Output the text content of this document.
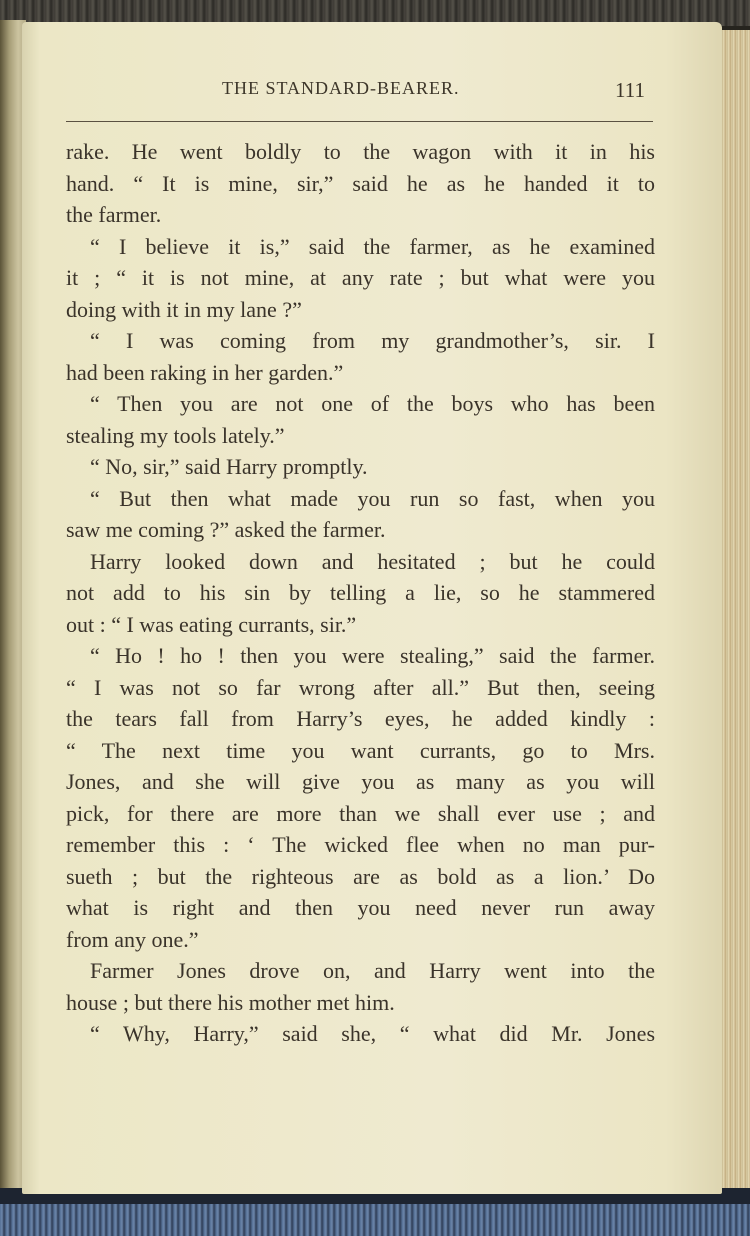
THE STANDARD-BEARER.	111
rake. He went boldly to the wagon with it in his
hand. “ It is mine, sir,” said he as he handed it to
the farmer.
“ I believe it is,” said the farmer, as he examined
it ; “ it is not mine, at any rate ; but what were you
doing with it in my lane ?”
“ I was coming from my grandmother’s, sir. I
had been raking in her garden.”
“ Then you are not one of the boys who has been
stealing my tools lately.”
“ No, sir,” said Harry promptly.
“ But then what made you run so fast, when you
saw me coming ?” asked the farmer.
Harry looked down and hesitated ; but he could
not add to his sin by telling a lie, so he stammered
out : “ I was eating currants, sir.”
“ Ho ! ho ! then you were stealing,” said the farmer.
“ I was not so far wrong after all.” But then, seeing
the tears fall from Harry’s eyes, he added kindly :
“ The next time you want currants, go to Mrs.
Jones, and she will give you as many as you will
pick, for there are more than we shall ever use ; and
remember this : ‘ The wicked flee when no man pur-
sueth ; but the righteous are as bold as a lion.’ Do
what is right and then you need never run away
from any one.”
Farmer Jones drove on, and Harry went into the
house ; but there his mother met him.
“ Why, Harry,” said she, “ what did Mr. Jones
